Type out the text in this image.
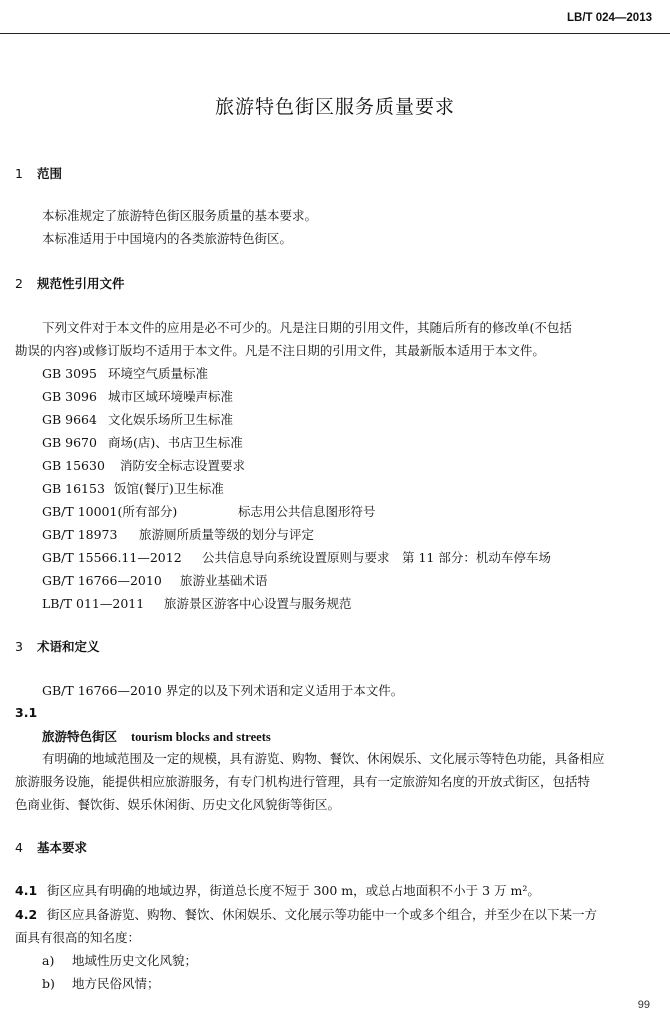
LB/T 024—2013
旅游特色街区服务质量要求
1 范围
本标准规定了旅游特色街区服务质量的基本要求。
本标准适用于中国境内的各类旅游特色街区。
2 规范性引用文件
下列文件对于本文件的应用是必不可少的。凡是注日期的引用文件，其随后所有的修改单(不包括
勘误的内容)或修订版均不适用于本文件。凡是不注日期的引用文件，其最新版本适用于本文件。
GB 3095 环境空气质量标准
GB 3096 城市区域环境噪声标准
GB 9664 文化娱乐场所卫生标准
GB 9670 商场(店)、书店卫生标准
GB 15630 消防安全标志设置要求
GB 16153 饭馆(餐厅)卫生标准
GB/T 10001(所有部分)	标志用公共信息图形符号
GB/T 18973 旅游厕所质量等级的划分与评定
GB/T 15566.11—2012 公共信息导向系统设置原则与要求　第 11 部分：机动车停车场
GB/T 16766—2010 旅游业基础术语
LB/T 011—2011 旅游景区游客中心设置与服务规范
3 术语和定义
GB/T 16766—2010 界定的以及下列术语和定义适用于本文件。
3.1
旅游特色街区 tourism blocks and streets
有明确的地域范围及一定的规模，具有游览、购物、餐饮、休闲娱乐、文化展示等特色功能，具备相应
旅游服务设施，能提供相应旅游服务，有专门机构进行管理，具有一定旅游知名度的开放式街区，包括特
色商业街、餐饮街、娱乐休闲街、历史文化风貌街等街区。
4 基本要求
4.1 街区应具有明确的地域边界，街道总长度不短于 300 m，或总占地面积不小于 3 万 m²。
4.2 街区应具备游览、购物、餐饮、休闲娱乐、文化展示等功能中一个或多个组合，并至少在以下某一方
面具有很高的知名度：
a) 地域性历史文化风貌；
b) 地方民俗风情；
99
